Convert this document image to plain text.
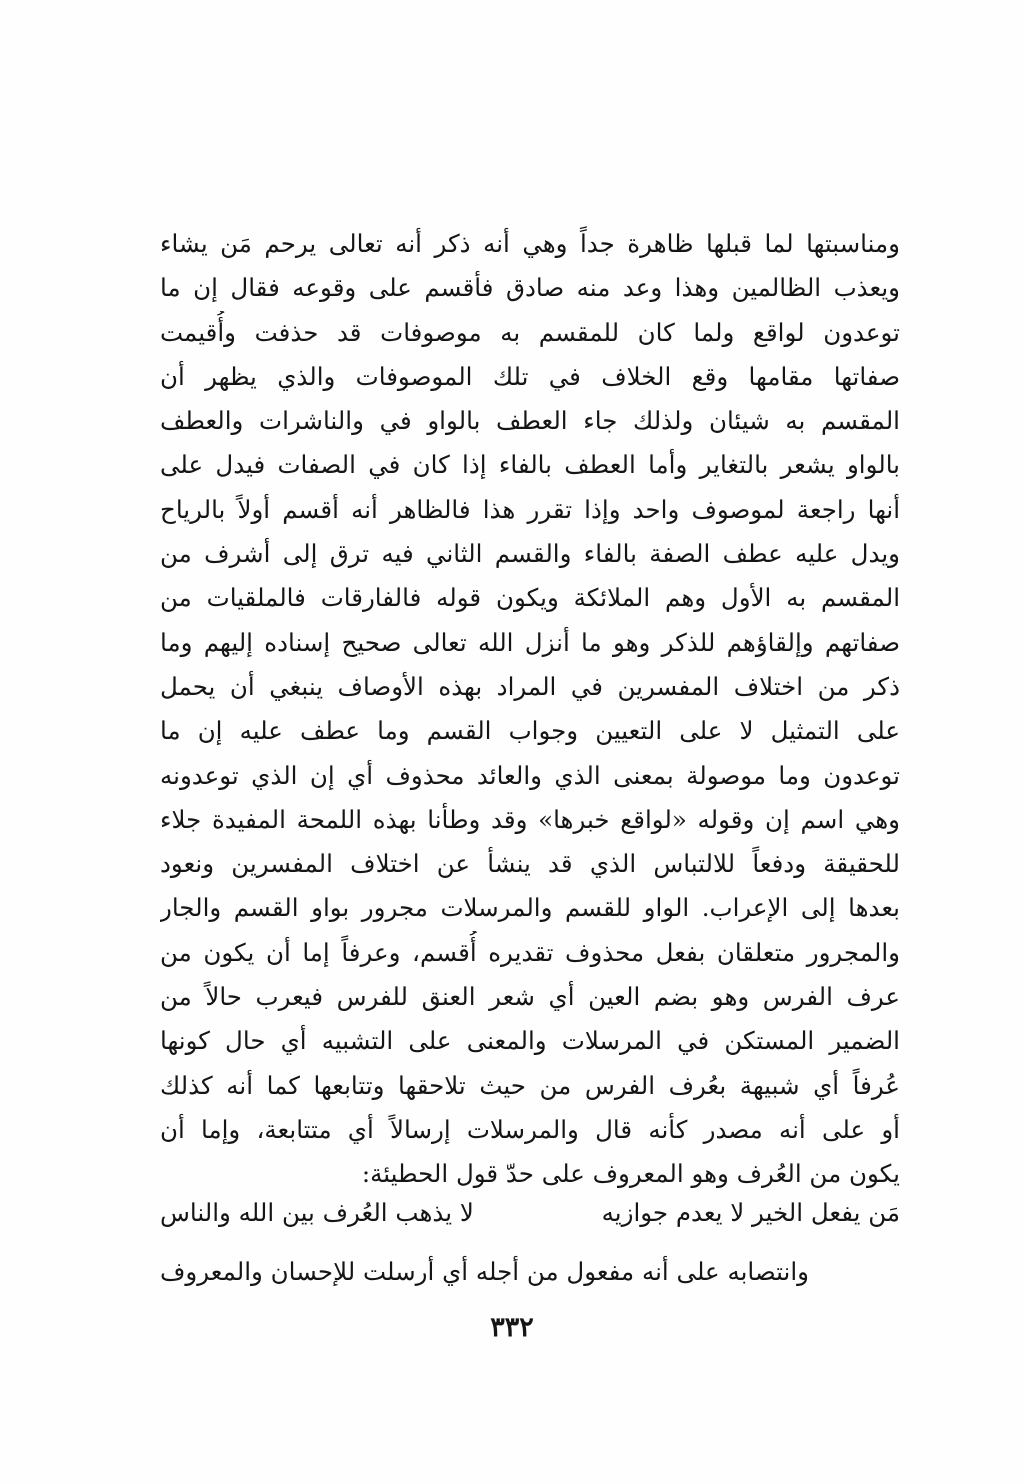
ومناسبتها لما قبلها ظاهرة جداً وهي أنه ذكر أنه تعالى يرحم مَن يشاء
ويعذب الظالمين وهذا وعد منه صادق فأقسم على وقوعه فقال إن ما
توعدون لواقع ولما كان للمقسم به موصوفات قد حذفت وأُقيمت
صفاتها مقامها وقع الخلاف في تلك الموصوفات والذي يظهر أن
المقسم به شيئان ولذلك جاء العطف بالواو في والناشرات والعطف
بالواو يشعر بالتغاير وأما العطف بالفاء إذا كان في الصفات فيدل على
أنها راجعة لموصوف واحد وإذا تقرر هذا فالظاهر أنه أقسم أولاً بالرياح
ويدل عليه عطف الصفة بالفاء والقسم الثاني فيه ترق إلى أشرف من
المقسم به الأول وهم الملائكة ويكون قوله فالفارقات فالملقيات من
صفاتهم وإلقاؤهم للذكر وهو ما أنزل الله تعالى صحيح إسناده إليهم وما
ذكر من اختلاف المفسرين في المراد بهذه الأوصاف ينبغي أن يحمل
على التمثيل لا على التعيين وجواب القسم وما عطف عليه إن ما
توعدون وما موصولة بمعنى الذي والعائد محذوف أي إن الذي توعدونه
وهي اسم إن وقوله «لواقع خبرها» وقد وطأنا بهذه اللمحة المفيدة جلاء
للحقيقة ودفعاً للالتباس الذي قد ينشأ عن اختلاف المفسرين ونعود
بعدها إلى الإعراب. الواو للقسم والمرسلات مجرور بواو القسم والجار
والمجرور متعلقان بفعل محذوف تقديره أُقسم، وعرفاً إما أن يكون من
عرف الفرس وهو بضم العين أي شعر العنق للفرس فيعرب حالاً من
الضمير المستكن في المرسلات والمعنى على التشبيه أي حال كونها
عُرفاً أي شبيهة بعُرف الفرس من حيث تلاحقها وتتابعها كما أنه كذلك
أو على أنه مصدر كأنه قال والمرسلات إرسالاً أي متتابعة، وإما أن
يكون من العُرف وهو المعروف على حدّ قول الحطيئة:
مَن يفعل الخير لا يعدم جوازيه
لا يذهب العُرف بين الله والناس
وانتصابه على أنه مفعول من أجله أي أرسلت للإحسان والمعروف
٣٣٢
